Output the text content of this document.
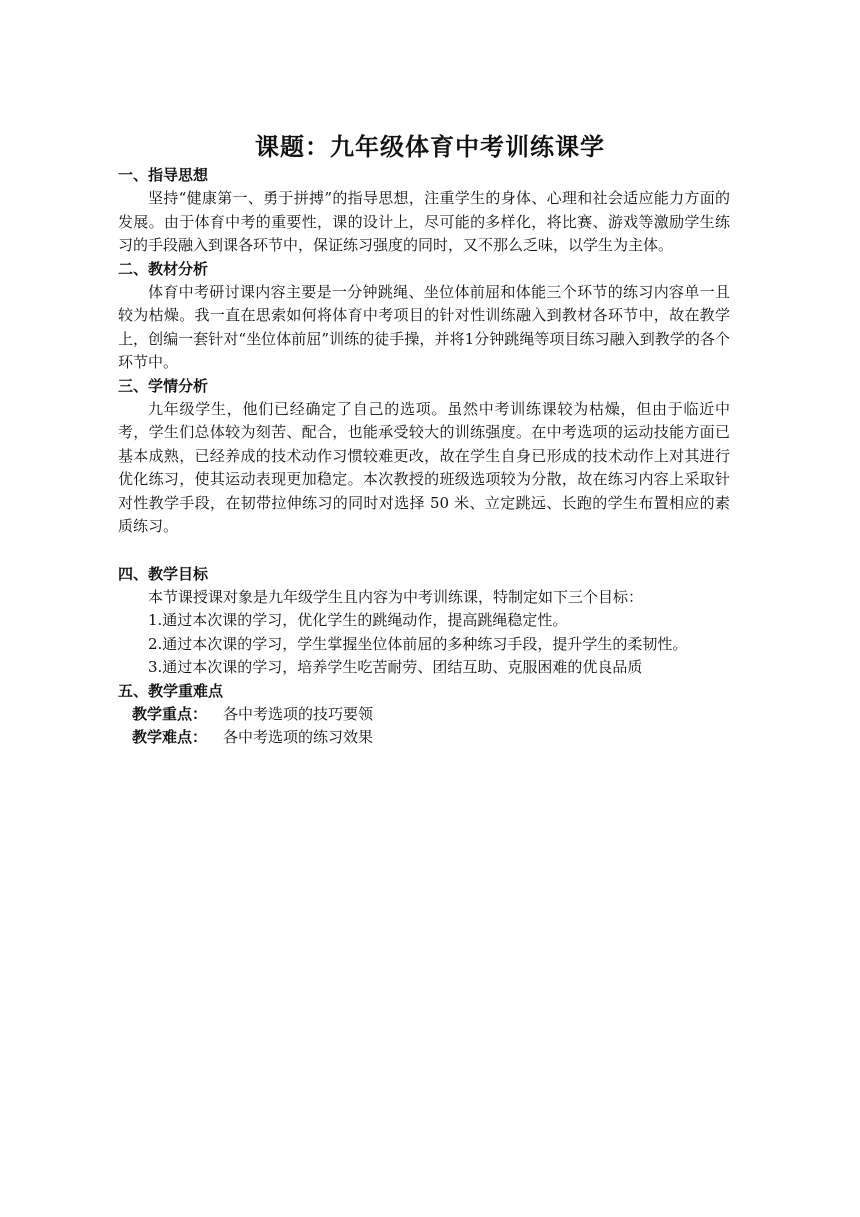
课题：九年级体育中考训练课学
一、指导思想

坚持“健康第一、勇于拼搏”的指导思想，注重学生的身体、心理和社会适应能力方面的发展。由于体育中考的重要性，课的设计上，尽可能的多样化，将比赛、游戏等激励学生练习的手段融入到课各环节中，保证练习强度的同时，又不那么乏味，以学生为主体。

二、教材分析

体育中考研讨课内容主要是一分钟跳绳、坐位体前屈和体能三个环节的练习内容单一且较为枯燥。我一直在思索如何将体育中考项目的针对性训练融入到教材各环节中，故在教学上，创编一套针对“坐位体前屈”训练的徒手操，并将1分钟跳绳等项目练习融入到教学的各个环节中。

三、学情分析

九年级学生，他们已经确定了自己的选项。虽然中考训练课较为枯燥，但由于临近中考，学生们总体较为刻苦、配合，也能承受较大的训练强度。在中考选项的运动技能方面已基本成熟，已经养成的技术动作习惯较难更改，故在学生自身已形成的技术动作上对其进行优化练习，使其运动表现更加稳定。本次教授的班级选项较为分散，故在练习内容上采取针对性教学手段，在韧带拉伸练习的同时对选择 50 米、立定跳远、长跑的学生布置相应的素质练习。

四、教学目标

本节课授课对象是九年级学生且内容为中考训练课，特制定如下三个目标：

1.通过本次课的学习，优化学生的跳绳动作，提高跳绳稳定性。

2.通过本次课的学习，学生掌握坐位体前屈的多种练习手段，提升学生的柔韧性。

3.通过本次课的学习，培养学生吃苦耐劳、团结互助、克服困难的优良品质

五、教学重难点
教学重点： 各中考选项的技巧要领
教学难点： 各中考选项的练习效果
